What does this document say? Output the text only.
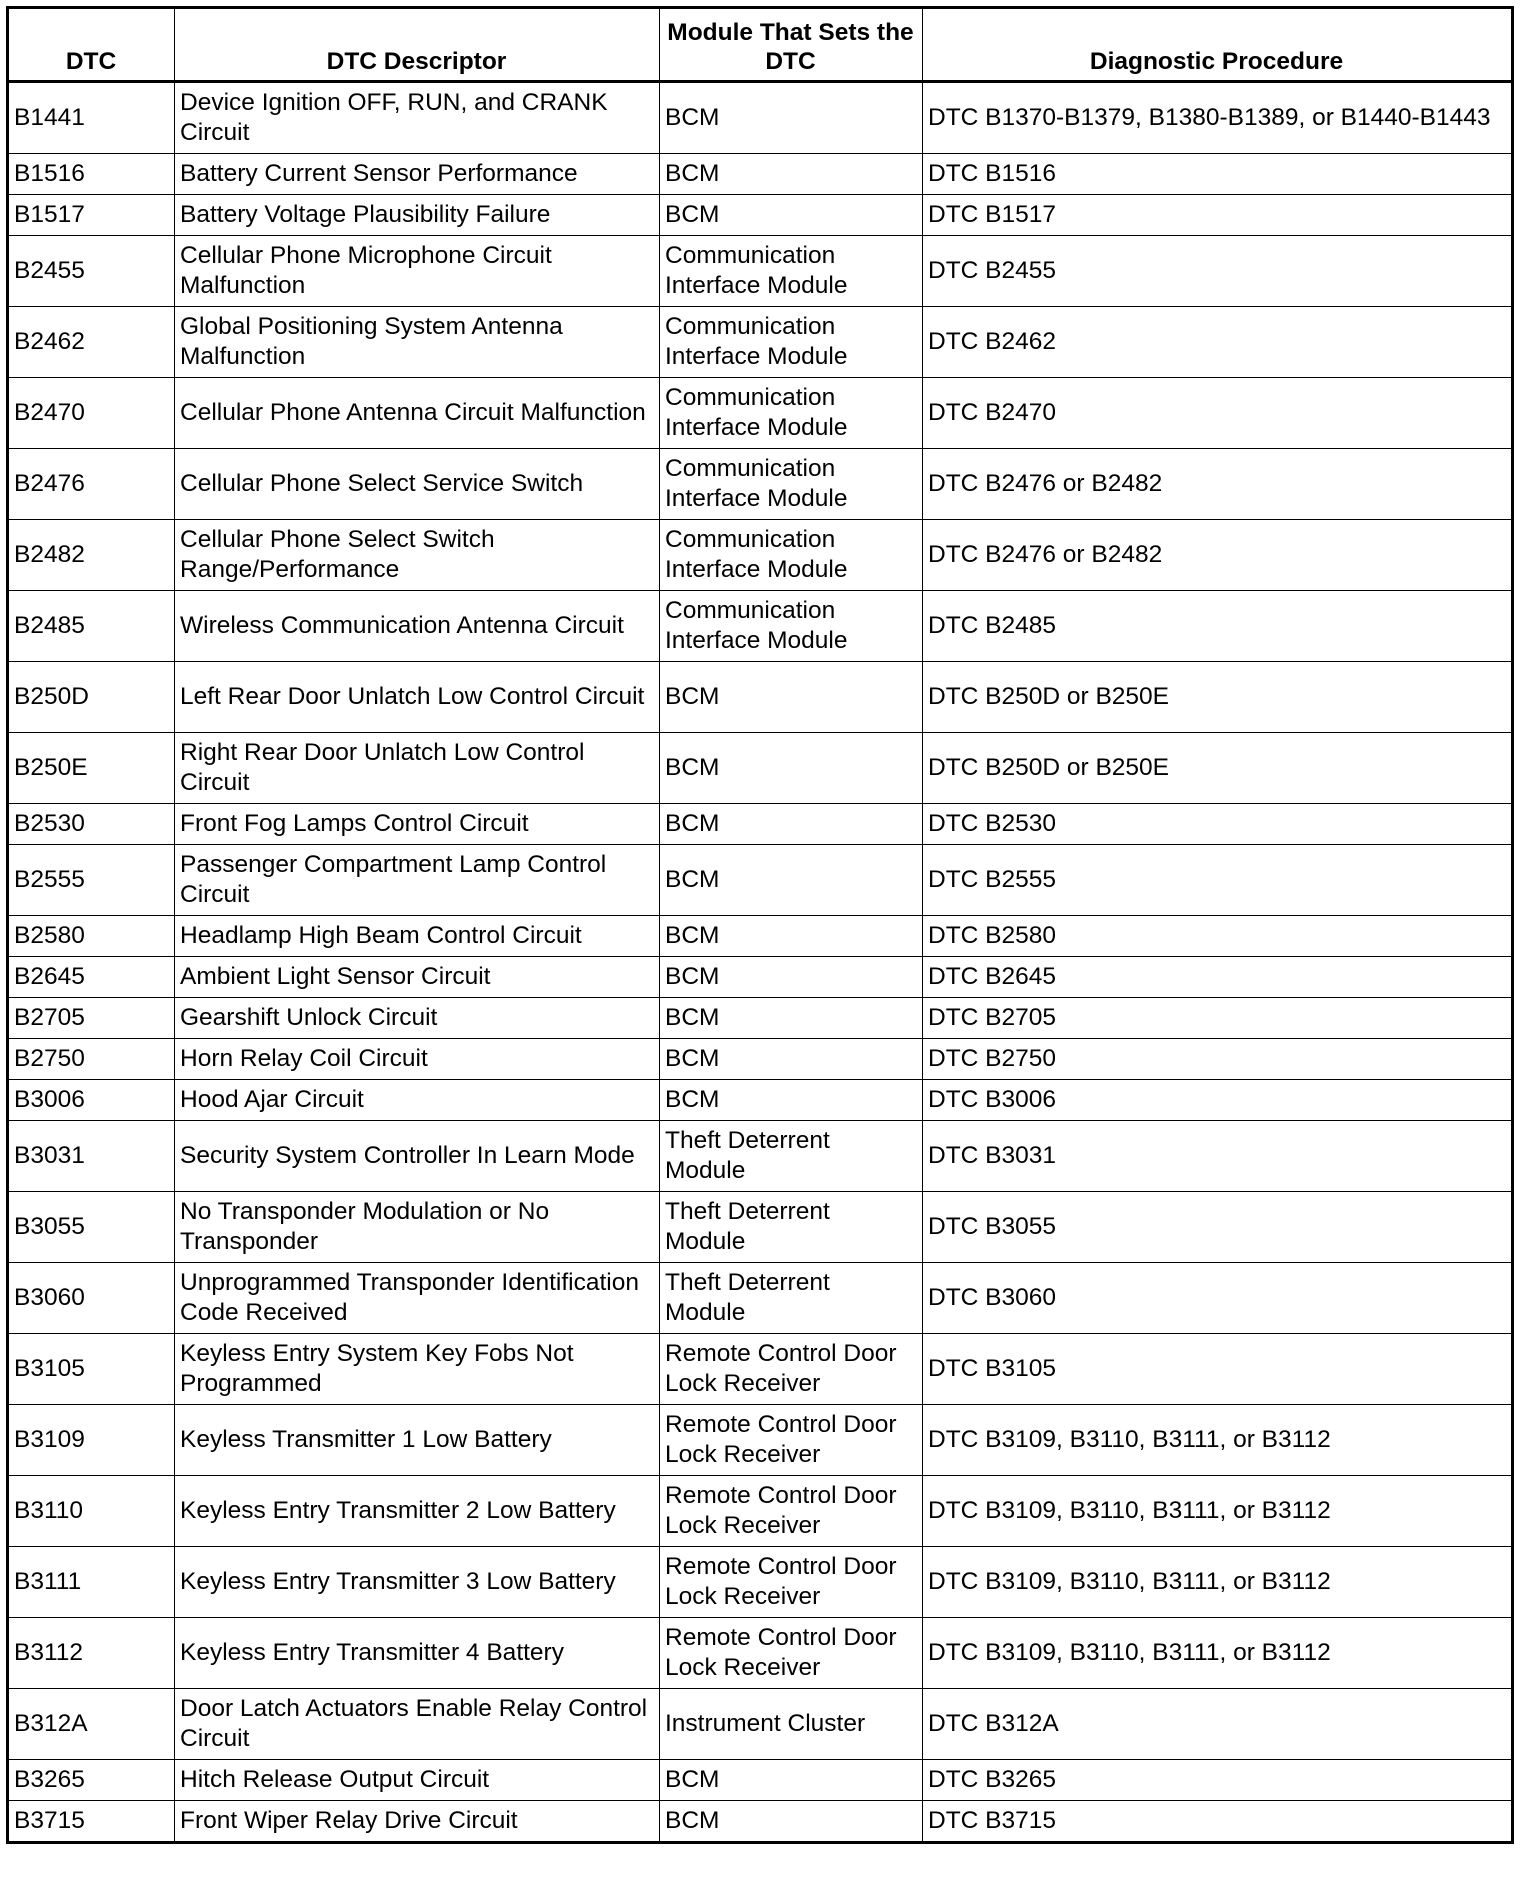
DTC	DTC Descriptor	Module That Sets the DTC	Diagnostic Procedure
B1441	Device Ignition OFF, RUN, and CRANK Circuit	BCM	DTC B1370-B1379, B1380-B1389, or B1440-B1443
B1516	Battery Current Sensor Performance	BCM	DTC B1516
B1517	Battery Voltage Plausibility Failure	BCM	DTC B1517
B2455	Cellular Phone Microphone Circuit Malfunction	Communication Interface Module	DTC B2455
B2462	Global Positioning System Antenna Malfunction	Communication Interface Module	DTC B2462
B2470	Cellular Phone Antenna Circuit Malfunction	Communication Interface Module	DTC B2470
B2476	Cellular Phone Select Service Switch	Communication Interface Module	DTC B2476 or B2482
B2482	Cellular Phone Select Switch Range/Performance	Communication Interface Module	DTC B2476 or B2482
B2485	Wireless Communication Antenna Circuit	Communication Interface Module	DTC B2485
B250D	Left Rear Door Unlatch Low Control Circuit	BCM	DTC B250D or B250E
B250E	Right Rear Door Unlatch Low Control Circuit	BCM	DTC B250D or B250E
B2530	Front Fog Lamps Control Circuit	BCM	DTC B2530
B2555	Passenger Compartment Lamp Control Circuit	BCM	DTC B2555
B2580	Headlamp High Beam Control Circuit	BCM	DTC B2580
B2645	Ambient Light Sensor Circuit	BCM	DTC B2645
B2705	Gearshift Unlock Circuit	BCM	DTC B2705
B2750	Horn Relay Coil Circuit	BCM	DTC B2750
B3006	Hood Ajar Circuit	BCM	DTC B3006
B3031	Security System Controller In Learn Mode	Theft Deterrent Module	DTC B3031
B3055	No Transponder Modulation or No Transponder	Theft Deterrent Module	DTC B3055
B3060	Unprogrammed Transponder Identification Code Received	Theft Deterrent Module	DTC B3060
B3105	Keyless Entry System Key Fobs Not Programmed	Remote Control Door Lock Receiver	DTC B3105
B3109	Keyless Transmitter 1 Low Battery	Remote Control Door Lock Receiver	DTC B3109, B3110, B3111, or B3112
B3110	Keyless Entry Transmitter 2 Low Battery	Remote Control Door Lock Receiver	DTC B3109, B3110, B3111, or B3112
B3111	Keyless Entry Transmitter 3 Low Battery	Remote Control Door Lock Receiver	DTC B3109, B3110, B3111, or B3112
B3112	Keyless Entry Transmitter 4 Battery	Remote Control Door Lock Receiver	DTC B3109, B3110, B3111, or B3112
B312A	Door Latch Actuators Enable Relay Control Circuit	Instrument Cluster	DTC B312A
B3265	Hitch Release Output Circuit	BCM	DTC B3265
B3715	Front Wiper Relay Drive Circuit	BCM	DTC B3715
